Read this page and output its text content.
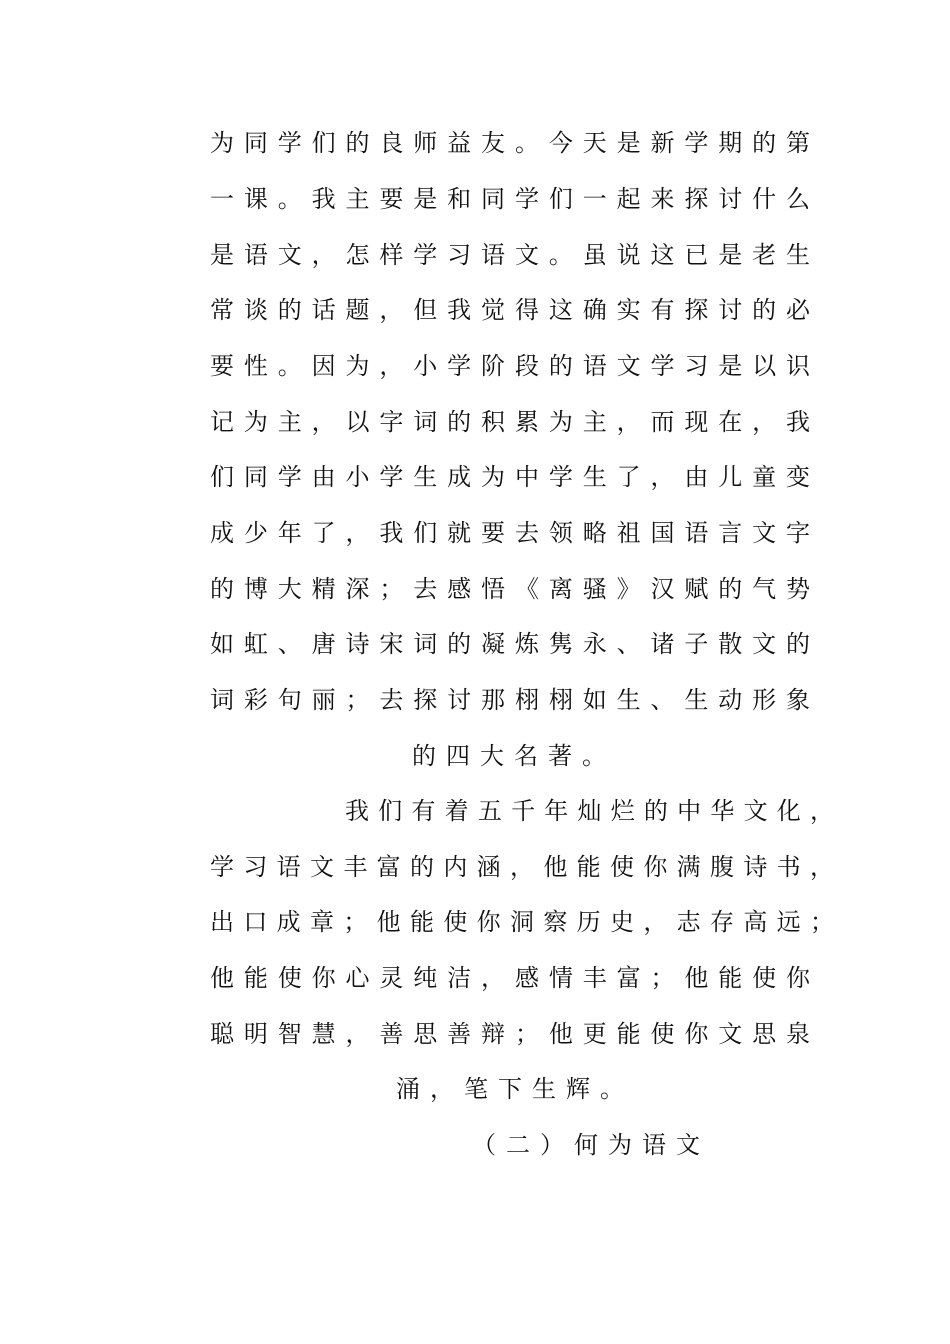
为同学们的良师益友。今天是新学期的第
一课。我主要是和同学们一起来探讨什么
是语文，怎样学习语文。虽说这已是老生
常谈的话题，但我觉得这确实有探讨的必
要性。因为，小学阶段的语文学习是以识
记为主，以字词的积累为主，而现在，我
们同学由小学生成为中学生了，由儿童变
成少年了，我们就要去领略祖国语言文字
的博大精深；去感悟《离骚》汉赋的气势
如虹、唐诗宋词的凝炼隽永、诸子散文的
词彩句丽；去探讨那栩栩如生、生动形象
的四大名著。
我们有着五千年灿烂的中华文化，
学习语文丰富的内涵，他能使你满腹诗书，
出口成章；他能使你洞察历史，志存高远；
他能使你心灵纯洁，感情丰富；他能使你
聪明智慧，善思善辩；他更能使你文思泉
涌，笔下生辉。
（二）何为语文
